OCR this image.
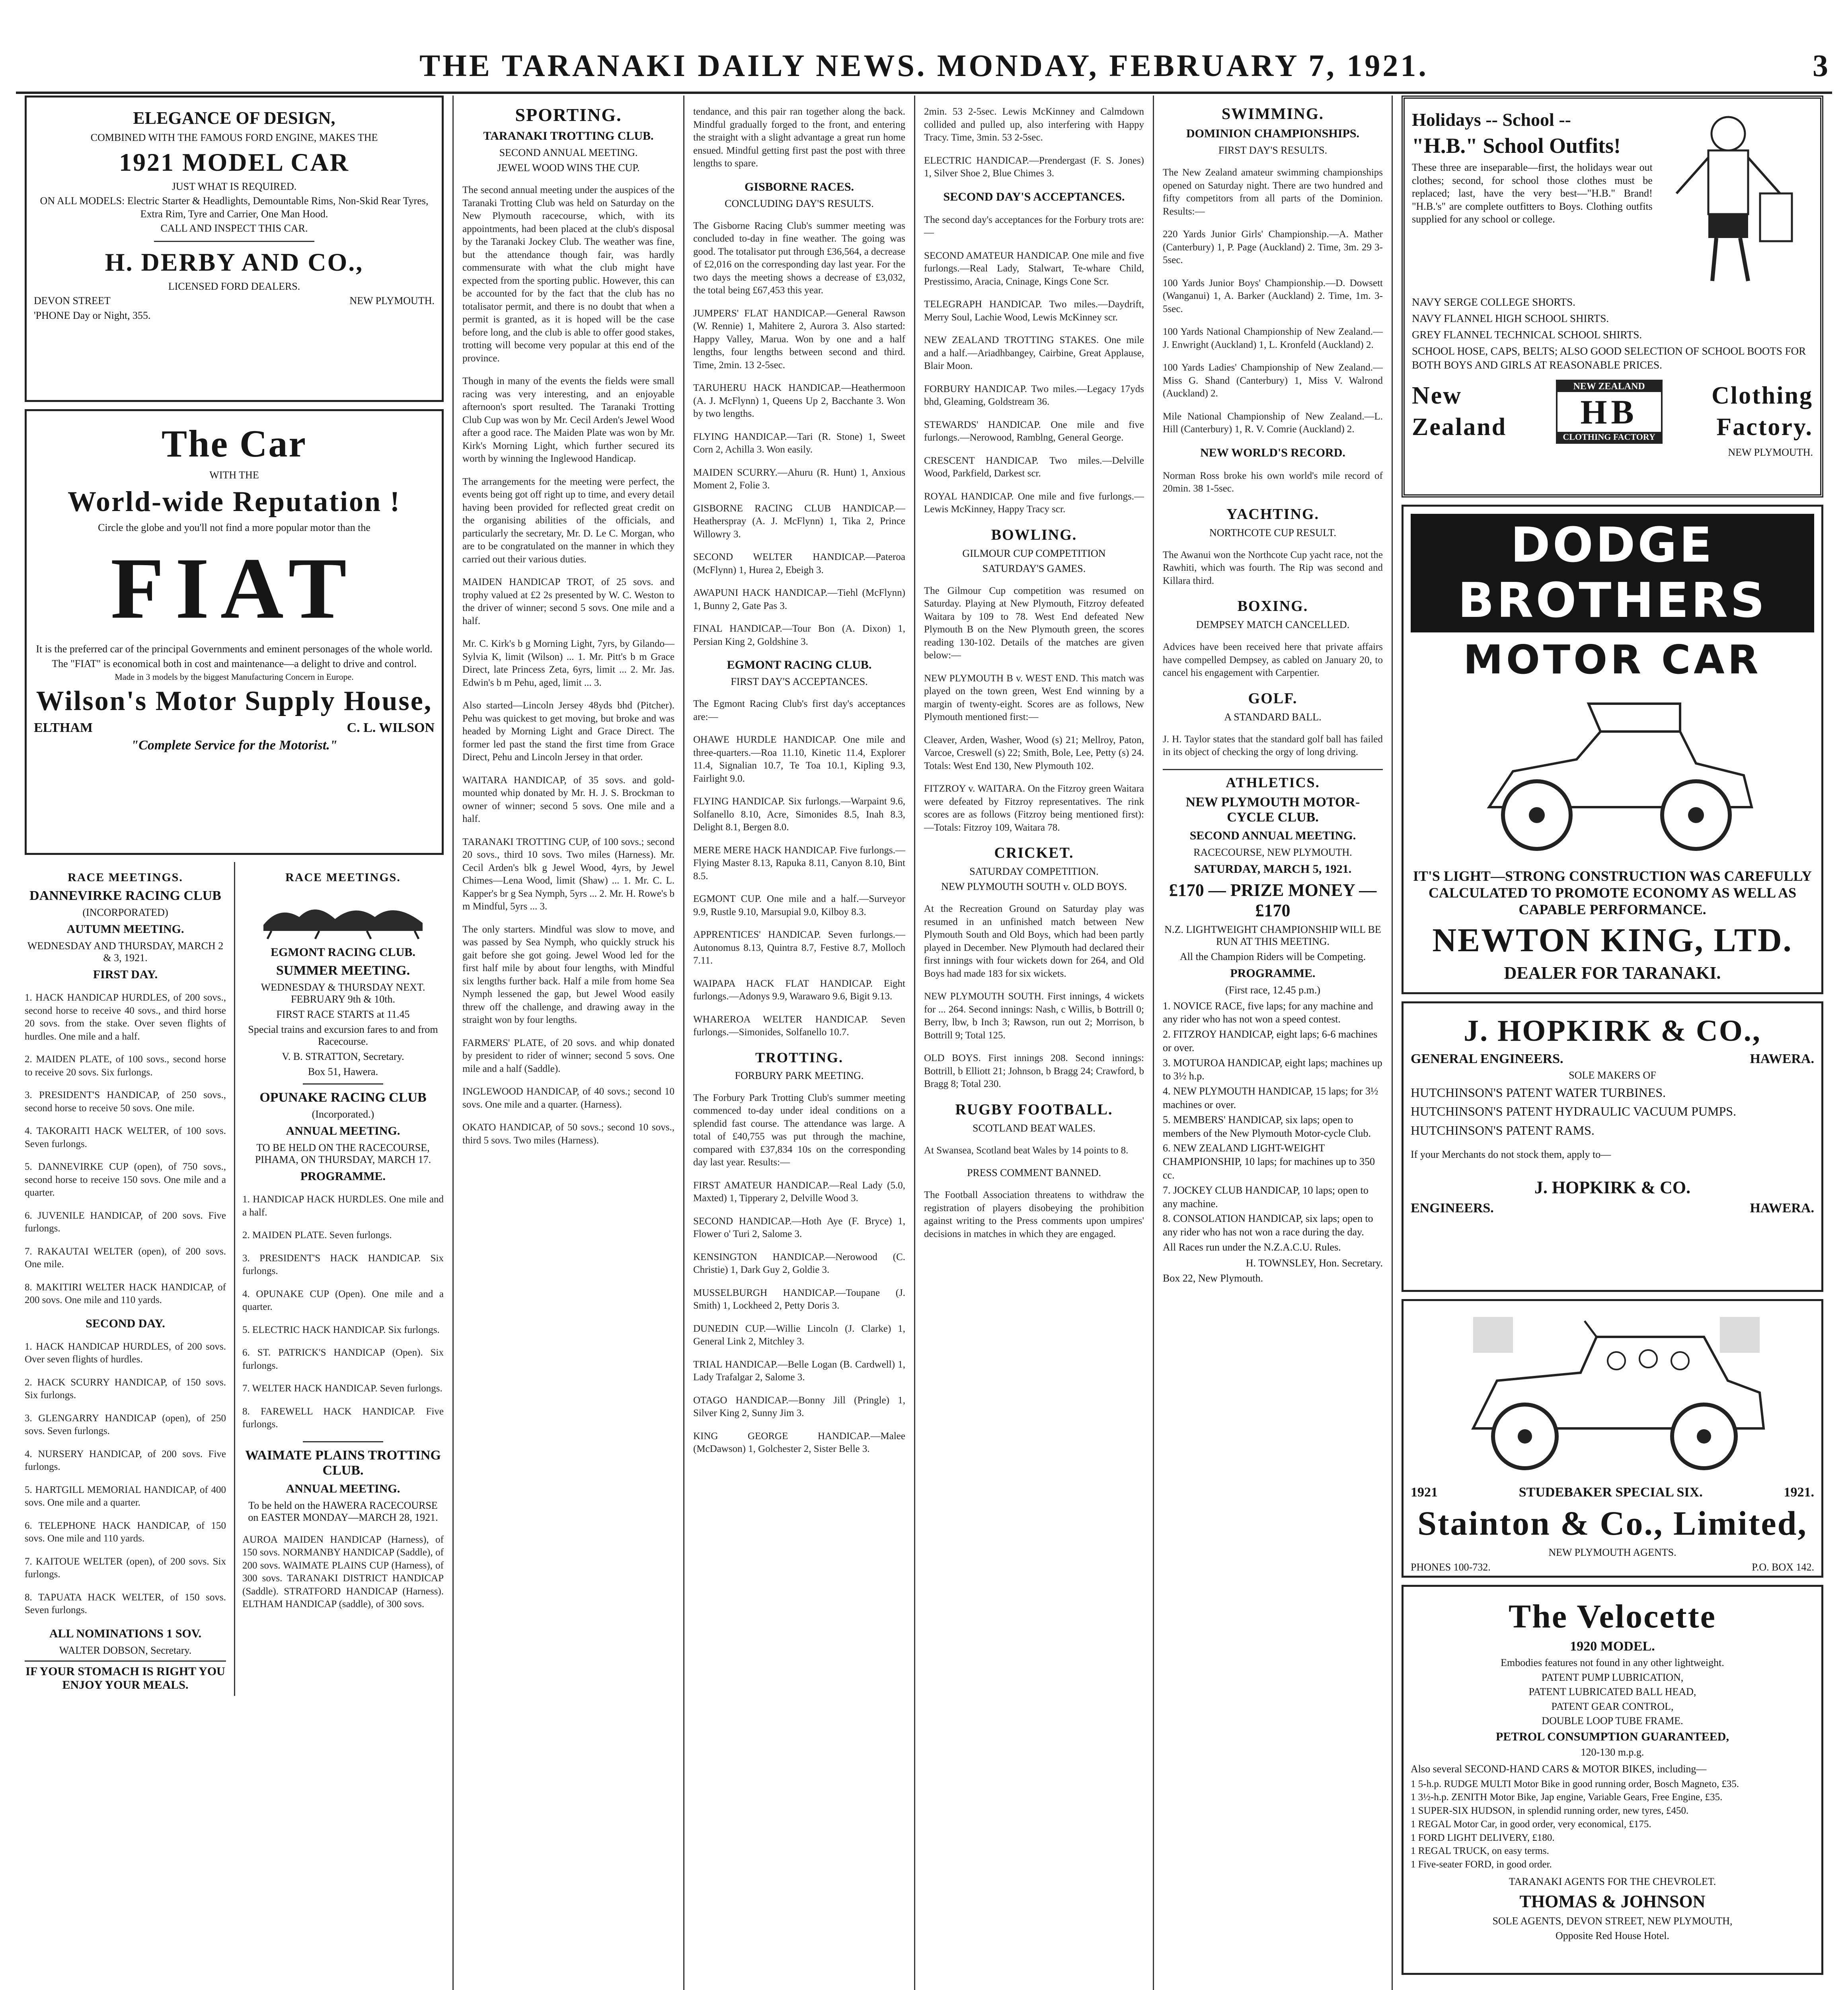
THE TARANAKI DAILY NEWS. MONDAY, FEBRUARY 7, 1921.	3
ELEGANCE OF DESIGN,
COMBINED WITH THE FAMOUS FORD ENGINE, MAKES THE
1921 MODEL CAR
JUST WHAT IS REQUIRED.
ON ALL MODELS: Electric Starter & Headlights, Demountable Rims, Non-Skid Rear Tyres, Extra Rim, Tyre and Carrier, One Man Hood.
CALL AND INSPECT THIS CAR.
H. DERBY AND CO.,
LICENSED FORD DEALERS.
DEVON STREET	NEW PLYMOUTH.
'PHONE Day or Night, 355.
The Car
WITH THE
World-wide Reputation !
Circle the globe and you'll not find a more popular motor than the
FIAT
It is the preferred car of the principal Governments and eminent personages of the whole world.
The "FIAT" is economical both in cost and maintenance—a delight to drive and control.
Made in 3 models by the biggest Manufacturing Concern in Europe.
Wilson's Motor Supply House,
ELTHAM	C. L. WILSON
"Complete Service for the Motorist."
RACE MEETINGS.
DANNEVIRKE RACING CLUB
(INCORPORATED)
AUTUMN MEETING.
WEDNESDAY AND THURSDAY, MARCH 2 & 3, 1921.
FIRST DAY.

1. HACK HANDICAP HURDLES, of 200 sovs., second horse to receive 40 sovs., and third horse 20 sovs. from the stake. Over seven flights of hurdles. One mile and a half.

2. MAIDEN PLATE, of 100 sovs., second horse to receive 20 sovs. Six furlongs.

3. PRESIDENT'S HANDICAP, of 250 sovs., second horse to receive 50 sovs. One mile.

4. TAKORAITI HACK WELTER, of 100 sovs. Seven furlongs.

5. DANNEVIRKE CUP (open), of 750 sovs., second horse to receive 150 sovs. One mile and a quarter.

6. JUVENILE HANDICAP, of 200 sovs. Five furlongs.

7. RAKAUTAI WELTER (open), of 200 sovs. One mile.

8. MAKITIRI WELTER HACK HANDICAP, of 200 sovs. One mile and 110 yards.

SECOND DAY.

1. HACK HANDICAP HURDLES, of 200 sovs. Over seven flights of hurdles.

2. HACK SCURRY HANDICAP, of 150 sovs. Six furlongs.

3. GLENGARRY HANDICAP (open), of 250 sovs. Seven furlongs.

4. NURSERY HANDICAP, of 200 sovs. Five furlongs.

5. HARTGILL MEMORIAL HANDICAP, of 400 sovs. One mile and a quarter.

6. TELEPHONE HACK HANDICAP, of 150 sovs. One mile and 110 yards.

7. KAITOUE WELTER (open), of 200 sovs. Six furlongs.

8. TAPUATA HACK WELTER, of 150 sovs. Seven furlongs.

ALL NOMINATIONS 1 SOV.
WALTER DOBSON, Secretary.
IF YOUR STOMACH IS RIGHT YOU ENJOY YOUR MEALS.
RACE MEETINGS.
EGMONT RACING CLUB.
SUMMER MEETING.
WEDNESDAY & THURSDAY NEXT. FEBRUARY 9th & 10th.
FIRST RACE STARTS at 11.45
Special trains and excursion fares to and from Racecourse.
V. B. STRATTON, Secretary.
Box 51, Hawera.
OPUNAKE RACING CLUB
(Incorporated.)
ANNUAL MEETING.
TO BE HELD ON THE RACECOURSE, PIHAMA, ON THURSDAY, MARCH 17.
PROGRAMME.

1. HANDICAP HACK HURDLES. One mile and a half.

2. MAIDEN PLATE. Seven furlongs.

3. PRESIDENT'S HACK HANDICAP. Six furlongs.

4. OPUNAKE CUP (Open). One mile and a quarter.

5. ELECTRIC HACK HANDICAP. Six furlongs.

6. ST. PATRICK'S HANDICAP (Open). Six furlongs.

7. WELTER HACK HANDICAP. Seven furlongs.

8. FAREWELL HACK HANDICAP. Five furlongs.

WAIMATE PLAINS TROTTING CLUB.
ANNUAL MEETING.
To be held on the HAWERA RACECOURSE on EASTER MONDAY—MARCH 28, 1921.

AUROA MAIDEN HANDICAP (Harness), of 150 sovs. NORMANBY HANDICAP (Saddle), of 200 sovs. WAIMATE PLAINS CUP (Harness), of 300 sovs. TARANAKI DISTRICT HANDICAP (Saddle). STRATFORD HANDICAP (Harness). ELTHAM HANDICAP (saddle), of 300 sovs.

SPORTING.
TARANAKI TROTTING CLUB.
SECOND ANNUAL MEETING.
JEWEL WOOD WINS THE CUP.

The second annual meeting under the auspices of the Taranaki Trotting Club was held on Saturday on the New Plymouth racecourse, which, with its appointments, had been placed at the club's disposal by the Taranaki Jockey Club. The weather was fine, but the attendance though fair, was hardly commensurate with what the club might have expected from the sporting public. However, this can be accounted for by the fact that the club has no totalisator permit, and there is no doubt that when a permit is granted, as it is hoped will be the case before long, and the club is able to offer good stakes, trotting will become very popular at this end of the province.

Though in many of the events the fields were small racing was very interesting, and an enjoyable afternoon's sport resulted. The Taranaki Trotting Club Cup was won by Mr. Cecil Arden's Jewel Wood after a good race. The Maiden Plate was won by Mr. Kirk's Morning Light, which further secured its worth by winning the Inglewood Handicap.

The arrangements for the meeting were perfect, the events being got off right up to time, and every detail having been provided for reflected great credit on the organising abilities of the officials, and particularly the secretary, Mr. D. Le C. Morgan, who are to be congratulated on the manner in which they carried out their various duties.

MAIDEN HANDICAP TROT, of 25 sovs. and trophy valued at £2 2s presented by W. C. Weston to the driver of winner; second 5 sovs. One mile and a half.

Mr. C. Kirk's b g Morning Light, 7yrs, by Gilando—Sylvia K, limit (Wilson) ... 1. Mr. Pitt's b m Grace Direct, late Princess Zeta, 6yrs, limit ... 2. Mr. Jas. Edwin's b m Pehu, aged, limit ... 3.

Also started—Lincoln Jersey 48yds bhd (Pitcher). Pehu was quickest to get moving, but broke and was headed by Morning Light and Grace Direct. The former led past the stand the first time from Grace Direct, Pehu and Lincoln Jersey in that order.

WAITARA HANDICAP, of 35 sovs. and gold-mounted whip donated by Mr. H. J. S. Brockman to owner of winner; second 5 sovs. One mile and a half.

TARANAKI TROTTING CUP, of 100 sovs.; second 20 sovs., third 10 sovs. Two miles (Harness). Mr. Cecil Arden's blk g Jewel Wood, 4yrs, by Jewel Chimes—Lena Wood, limit (Shaw) ... 1. Mr. C. L. Kapper's br g Sea Nymph, 5yrs ... 2. Mr. H. Rowe's b m Mindful, 5yrs ... 3.

The only starters. Mindful was slow to move, and was passed by Sea Nymph, who quickly struck his gait before she got going. Jewel Wood led for the first half mile by about four lengths, with Mindful six lengths further back. Half a mile from home Sea Nymph lessened the gap, but Jewel Wood easily threw off the challenge, and drawing away in the straight won by four lengths.

FARMERS' PLATE, of 20 sovs. and whip donated by president to rider of winner; second 5 sovs. One mile and a half (Saddle).

INGLEWOOD HANDICAP, of 40 sovs.; second 10 sovs. One mile and a quarter. (Harness).

OKATO HANDICAP, of 50 sovs.; second 10 sovs., third 5 sovs. Two miles (Harness).

tendance, and this pair ran together along the back. Mindful gradually forged to the front, and entering the straight with a slight advantage a great run home ensued. Mindful getting first past the post with three lengths to spare.

GISBORNE RACES.
CONCLUDING DAY'S RESULTS.

The Gisborne Racing Club's summer meeting was concluded to-day in fine weather. The going was good. The totalisator put through £36,564, a decrease of £2,016 on the corresponding day last year. For the two days the meeting shows a decrease of £3,032, the total being £67,453 this year.

JUMPERS' FLAT HANDICAP.—General Rawson (W. Rennie) 1, Mahitere 2, Aurora 3. Also started: Happy Valley, Marua. Won by one and a half lengths, four lengths between second and third. Time, 2min. 13 2-5sec.

TARUHERU HACK HANDICAP.—Heathermoon (A. J. McFlynn) 1, Queens Up 2, Bacchante 3. Won by two lengths.

FLYING HANDICAP.—Tari (R. Stone) 1, Sweet Corn 2, Achilla 3. Won easily.

MAIDEN SCURRY.—Ahuru (R. Hunt) 1, Anxious Moment 2, Folie 3.

GISBORNE RACING CLUB HANDICAP.—Heatherspray (A. J. McFlynn) 1, Tika 2, Prince Willowry 3.

SECOND WELTER HANDICAP.—Pateroa (McFlynn) 1, Hurea 2, Ebeigh 3.

AWAPUNI HACK HANDICAP.—Tiehl (McFlynn) 1, Bunny 2, Gate Pas 3.

FINAL HANDICAP.—Tour Bon (A. Dixon) 1, Persian King 2, Goldshine 3.

EGMONT RACING CLUB.
FIRST DAY'S ACCEPTANCES.

The Egmont Racing Club's first day's acceptances are:—

OHAWE HURDLE HANDICAP. One mile and three-quarters.—Roa 11.10, Kinetic 11.4, Explorer 11.4, Signalian 10.7, Te Toa 10.1, Kipling 9.3, Fairlight 9.0.

FLYING HANDICAP. Six furlongs.—Warpaint 9.6, Solfanello 8.10, Acre, Simonides 8.5, Inah 8.3, Delight 8.1, Bergen 8.0.

MERE MERE HACK HANDICAP. Five furlongs.—Flying Master 8.13, Rapuka 8.11, Canyon 8.10, Bint 8.5.

EGMONT CUP. One mile and a half.—Surveyor 9.9, Rustle 9.10, Marsupial 9.0, Kilboy 8.3.

APPRENTICES' HANDICAP. Seven furlongs.—Autonomus 8.13, Quintra 8.7, Festive 8.7, Molloch 7.11.

WAIPAPA HACK FLAT HANDICAP. Eight furlongs.—Adonys 9.9, Warawaro 9.6, Bigit 9.13.

WHAREROA WELTER HANDICAP. Seven furlongs.—Simonides, Solfanello 10.7.

TROTTING.
FORBURY PARK MEETING.

The Forbury Park Trotting Club's summer meeting commenced to-day under ideal conditions on a splendid fast course. The attendance was large. A total of £40,755 was put through the machine, compared with £37,834 10s on the corresponding day last year. Results:—

FIRST AMATEUR HANDICAP.—Real Lady (5.0, Maxted) 1, Tipperary 2, Delville Wood 3.

SECOND HANDICAP.—Hoth Aye (F. Bryce) 1, Flower o' Turi 2, Salome 3.

KENSINGTON HANDICAP.—Nerowood (C. Christie) 1, Dark Guy 2, Goldie 3.

MUSSELBURGH HANDICAP.—Toupane (J. Smith) 1, Lockheed 2, Petty Doris 3.

DUNEDIN CUP.—Willie Lincoln (J. Clarke) 1, General Link 2, Mitchley 3.

TRIAL HANDICAP.—Belle Logan (B. Cardwell) 1, Lady Trafalgar 2, Salome 3.

OTAGO HANDICAP.—Bonny Jill (Pringle) 1, Silver King 2, Sunny Jim 3.

KING GEORGE HANDICAP.—Malee (McDawson) 1, Golchester 2, Sister Belle 3.

2min. 53 2-5sec. Lewis McKinney and Calmdown collided and pulled up, also interfering with Happy Tracy. Time, 3min. 53 2-5sec.

ELECTRIC HANDICAP.—Prendergast (F. S. Jones) 1, Silver Shoe 2, Blue Chimes 3.

SECOND DAY'S ACCEPTANCES.

The second day's acceptances for the Forbury trots are:—

SECOND AMATEUR HANDICAP. One mile and five furlongs.—Real Lady, Stalwart, Te-whare Child, Prestissimo, Aracia, Cninage, Kings Cone Scr.

TELEGRAPH HANDICAP. Two miles.—Daydrift, Merry Soul, Lachie Wood, Lewis McKinney scr.

NEW ZEALAND TROTTING STAKES. One mile and a half.—Ariadhbangey, Cairbine, Great Applause, Blair Moon.

FORBURY HANDICAP. Two miles.—Legacy 17yds bhd, Gleaming, Goldstream 36.

STEWARDS' HANDICAP. One mile and five furlongs.—Nerowood, Ramblng, General George.

CRESCENT HANDICAP. Two miles.—Delville Wood, Parkfield, Darkest scr.

ROYAL HANDICAP. One mile and five furlongs.—Lewis McKinney, Happy Tracy scr.

BOWLING.
GILMOUR CUP COMPETITION
SATURDAY'S GAMES.

The Gilmour Cup competition was resumed on Saturday. Playing at New Plymouth, Fitzroy defeated Waitara by 109 to 78. West End defeated New Plymouth B on the New Plymouth green, the scores reading 130-102. Details of the matches are given below:—

NEW PLYMOUTH B v. WEST END. This match was played on the town green, West End winning by a margin of twenty-eight. Scores are as follows, New Plymouth mentioned first:—

Cleaver, Arden, Washer, Wood (s) 21; Mellroy, Paton, Varcoe, Creswell (s) 22; Smith, Bole, Lee, Petty (s) 24. Totals: West End 130, New Plymouth 102.

FITZROY v. WAITARA. On the Fitzroy green Waitara were defeated by Fitzroy representatives. The rink scores are as follows (Fitzroy being mentioned first):—Totals: Fitzroy 109, Waitara 78.

CRICKET.
SATURDAY COMPETITION.
NEW PLYMOUTH SOUTH v. OLD BOYS.

At the Recreation Ground on Saturday play was resumed in an unfinished match between New Plymouth South and Old Boys, which had been partly played in December. New Plymouth had declared their first innings with four wickets down for 264, and Old Boys had made 183 for six wickets.

NEW PLYMOUTH SOUTH. First innings, 4 wickets for ... 264. Second innings: Nash, c Willis, b Bottrill 0; Berry, lbw, b Inch 3; Rawson, run out 2; Morrison, b Bottrill 9; Total 125.

OLD BOYS. First innings 208. Second innings: Bottrill, b Elliott 21; Johnson, b Bragg 24; Crawford, b Bragg 8; Total 230.

RUGBY FOOTBALL.
SCOTLAND BEAT WALES.

At Swansea, Scotland beat Wales by 14 points to 8.

PRESS COMMENT BANNED.

The Football Association threatens to withdraw the registration of players disobeying the prohibition against writing to the Press comments upon umpires' decisions in matches in which they are engaged.

SWIMMING.
DOMINION CHAMPIONSHIPS.
FIRST DAY'S RESULTS.

The New Zealand amateur swimming championships opened on Saturday night. There are two hundred and fifty competitors from all parts of the Dominion. Results:—

220 Yards Junior Girls' Championship.—A. Mather (Canterbury) 1, P. Page (Auckland) 2. Time, 3m. 29 3-5sec.

100 Yards Junior Boys' Championship.—D. Dowsett (Wanganui) 1, A. Barker (Auckland) 2. Time, 1m. 3-5sec.

100 Yards National Championship of New Zealand.—J. Enwright (Auckland) 1, L. Kronfeld (Auckland) 2.

100 Yards Ladies' Championship of New Zealand.—Miss G. Shand (Canterbury) 1, Miss V. Walrond (Auckland) 2.

Mile National Championship of New Zealand.—L. Hill (Canterbury) 1, R. V. Comrie (Auckland) 2.

NEW WORLD'S RECORD.

Norman Ross broke his own world's mile record of 20min. 38 1-5sec.

YACHTING.
NORTHCOTE CUP RESULT.

The Awanui won the Northcote Cup yacht race, not the Rawhiti, which was fourth. The Rip was second and Killara third.

BOXING.
DEMPSEY MATCH CANCELLED.

Advices have been received here that private affairs have compelled Dempsey, as cabled on January 20, to cancel his engagement with Carpentier.

GOLF.
A STANDARD BALL.

J. H. Taylor states that the standard golf ball has failed in its object of checking the orgy of long driving.

ATHLETICS.
NEW PLYMOUTH MOTOR-CYCLE CLUB.
SECOND ANNUAL MEETING.
RACECOURSE, NEW PLYMOUTH.
SATURDAY, MARCH 5, 1921.
£170 — PRIZE MONEY — £170
N.Z. LIGHTWEIGHT CHAMPIONSHIP WILL BE RUN AT THIS MEETING.
All the Champion Riders will be Competing.
PROGRAMME.
(First race, 12.45 p.m.)
1. NOVICE RACE, five laps; for any machine and any rider who has not won a speed contest.
2. FITZROY HANDICAP, eight laps; 6-6 machines or over.
3. MOTUROA HANDICAP, eight laps; machines up to 3½ h.p.
4. NEW PLYMOUTH HANDICAP, 15 laps; for 3½ machines or over.
5. MEMBERS' HANDICAP, six laps; open to members of the New Plymouth Motor-cycle Club.
6. NEW ZEALAND LIGHT-WEIGHT CHAMPIONSHIP, 10 laps; for machines up to 350 cc.
7. JOCKEY CLUB HANDICAP, 10 laps; open to any machine.
8. CONSOLATION HANDICAP, six laps; open to any rider who has not won a race during the day.
All Races run under the N.Z.A.C.U. Rules.
H. TOWNSLEY, Hon. Secretary.
Box 22, New Plymouth.
Holidays -- School --
"H.B." School Outfits!
These three are inseparable—first, the holidays wear out clothes; second, for school those clothes must be replaced; last, have the very best—"H.B." Brand! "H.B.'s" are complete outfitters to Boys. Clothing outfits supplied for any school or college.
NAVY SERGE COLLEGE SHORTS.
NAVY FLANNEL HIGH SCHOOL SHIRTS.
GREY FLANNEL TECHNICAL SCHOOL SHIRTS.
SCHOOL HOSE, CAPS, BELTS; ALSO GOOD SELECTION OF SCHOOL BOOTS FOR BOTH BOYS AND GIRLS AT REASONABLE PRICES.
New
Zealand
NEW ZEALAND
HB
CLOTHING FACTORY
Clothing
Factory.
NEW PLYMOUTH.
DODGE BROTHERS
MOTOR CAR
IT'S LIGHT—STRONG CONSTRUCTION WAS CAREFULLY CALCULATED TO PROMOTE ECONOMY AS WELL AS CAPABLE PERFORMANCE.
NEWTON KING, LTD.
DEALER FOR TARANAKI.
J. HOPKIRK & CO.,
GENERAL ENGINEERS.	HAWERA.
SOLE MAKERS OF
HUTCHINSON'S PATENT WATER TURBINES.
HUTCHINSON'S PATENT HYDRAULIC VACUUM PUMPS.
HUTCHINSON'S PATENT RAMS.
If your Merchants do not stock them, apply to—
J. HOPKIRK & CO.
ENGINEERS.	HAWERA.
1921	STUDEBAKER SPECIAL SIX.	1921.
Stainton & Co., Limited,
NEW PLYMOUTH AGENTS.
PHONES 100-732.	P.O. BOX 142.
The Velocette
1920 MODEL.
Embodies features not found in any other lightweight.
PATENT PUMP LUBRICATION,
PATENT LUBRICATED BALL HEAD,
PATENT GEAR CONTROL,
DOUBLE LOOP TUBE FRAME.
PETROL CONSUMPTION GUARANTEED,
120-130 m.p.g.
Also several SECOND-HAND CARS & MOTOR BIKES, including—
1 5-h.p. RUDGE MULTI Motor Bike in good running order, Bosch Magneto, £35.
1 3½-h.p. ZENITH Motor Bike, Jap engine, Variable Gears, Free Engine, £35.
1 SUPER-SIX HUDSON, in splendid running order, new tyres, £450.
1 REGAL Motor Car, in good order, very economical, £175.
1 FORD LIGHT DELIVERY, £180.
1 REGAL TRUCK, on easy terms.
1 Five-seater FORD, in good order.
TARANAKI AGENTS FOR THE CHEVROLET.
THOMAS & JOHNSON
SOLE AGENTS, DEVON STREET, NEW PLYMOUTH,
Opposite Red House Hotel.
